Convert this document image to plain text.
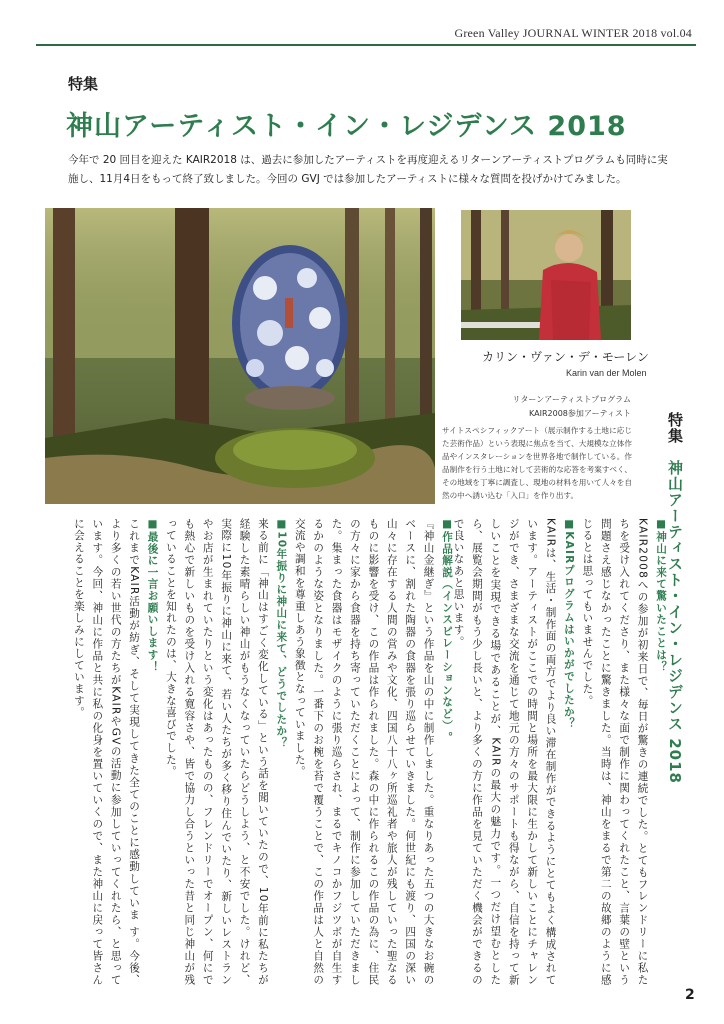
Green Valley JOURNAL WINTER 2018 vol.04
特集
神山アーティスト・イン・レジデンス 2018
今年で 20 回目を迎えた KAIR2018 は、過去に参加したアーティストを再度迎えるリターンアーティストプログラムも同時に実施し、11月4日をもって終了致しました。今回の GVJ では参加したアーティストに様々な質問を投げかけてみました。
カリン・ヴァン・デ・モーレン
Karin van der Molen
リターンアーティストプログラム
KAIR2008参加アーティスト
サイトスペシフィックアート（展示制作する土地に応じた芸術作品）という表現に焦点を当て、大規模な立体作品やインスタレーションを世界各地で制作している。作品制作を行う土地に対して芸術的な応答を考案すべく、その地域を丁寧に調査し、現地の材料を用いて人々を自然の中へ誘い込む「入口」を作り出す。
特集　神山アーティスト・イン・レジデンス 2018
■神山に来て驚いたことは？
KAIR2008への参加が初来日で、毎日が驚きの連続でした。とてもフレンドリーに私たちを受け入れてくださり、また様々な面で制作に関わってくれたこと、言葉の壁という問題さえ感じなかったことに驚きました。当時は、神山をまるで第二の故郷のように感じるとは思ってもいませんでした。
■KAIRプログラムはいかがでしたか？
KAIRは、生活・制作面の両方でより良い滞在制作ができるようにとてもよく構成されています。アーティストがここでの時間と場所を最大限に生かして新しいことにチャレンジができ、さまざまな交流を通じて地元の方々のサポートも得ながら、自信を持って新しいことを実現できる場であることが、KAIRの最大の魅力です。一つだけ望むとしたら、展覧会期間がもう少し長いと、より多くの方に作品を見ていただく機会ができるので良いなあと思います。
■作品解説（インスピレーションなど）。
『神山金継ぎ』という作品を山の中に制作しました。重なりあった五つの大きなお碗のベースに、割れた陶器の食器を張り巡らせていきました。何世紀にも渡り、四国の深い山々に存在する人間の営みや文化、四国八十八ヶ所巡礼者や旅人が残していった聖なるものに影響を受け、この作品は作られました。森の中に作られるこの作品の為に、住民の方々に家から食器を持ち寄っていただくことによって、制作に参加していただきました。集まった食器はモザイクのように張り巡らされ、まるでキノコかフジツボが自生するかのような姿となりました。一番下のお椀を苔で覆うことで、この作品は人と自然の交流や調和を尊重しあう象徴となっていました。
■10年振りに神山に来て、どうでしたか？
来る前に「神山はすごく変化している」という話を聞いていたので、10年前に私たちが経験した素晴らしい神山がもうなくなっていたらどうしよう、と不安でした。けれど、実際に10年振りに神山に来て、若い人たちが多く移り住んでいたり、新しいレストランやお店が生まれていたりという変化はあったものの、フレンドリーでオープン、何にでも熱心で新しいものを受け入れる寛容さや、皆で協力し合うといった昔と同じ神山が残っていることを知れたのは、大きな喜びでした。
■最後に一言お願いします！
これまでKAIR活動が紡ぎ、そして実現してきた全てのことに感動していま す。今後、より多くの若い世代の方たちがKAIRやGVの活動に参加していってくれたら、と思っています。今回、神山に作品と共に私の化身を置いていくので、また神山に戻って皆さんに会えることを楽しみにしています。
2
